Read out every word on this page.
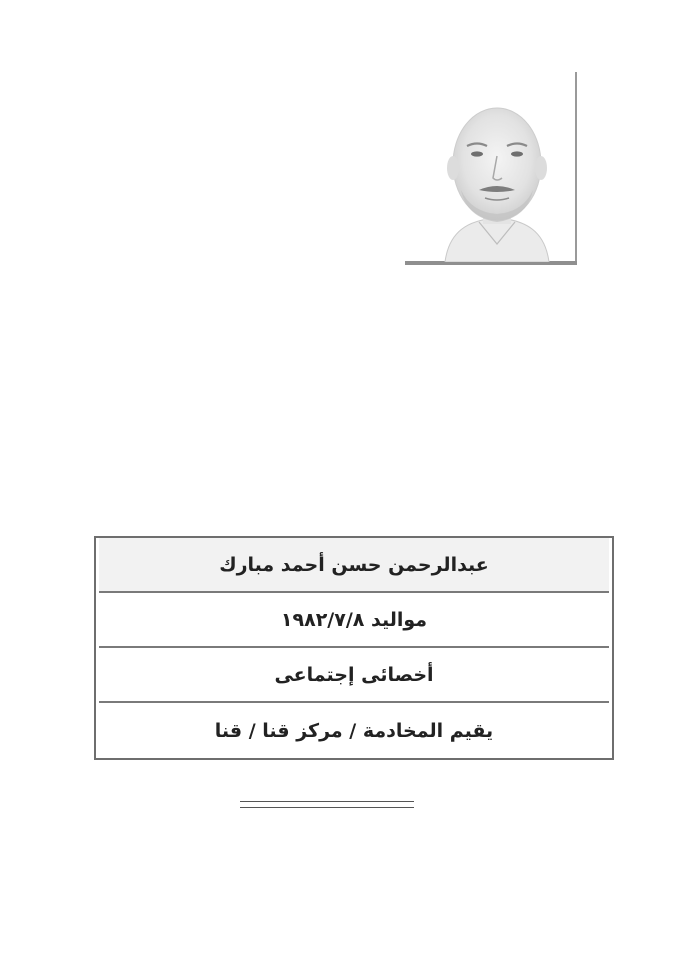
عبدالرحمن حسن أحمد مبارك
مواليد ١٩٨٢/٧/٨
أخصائى إجتماعى
يقيم المخادمة / مركز قنا / قنا
